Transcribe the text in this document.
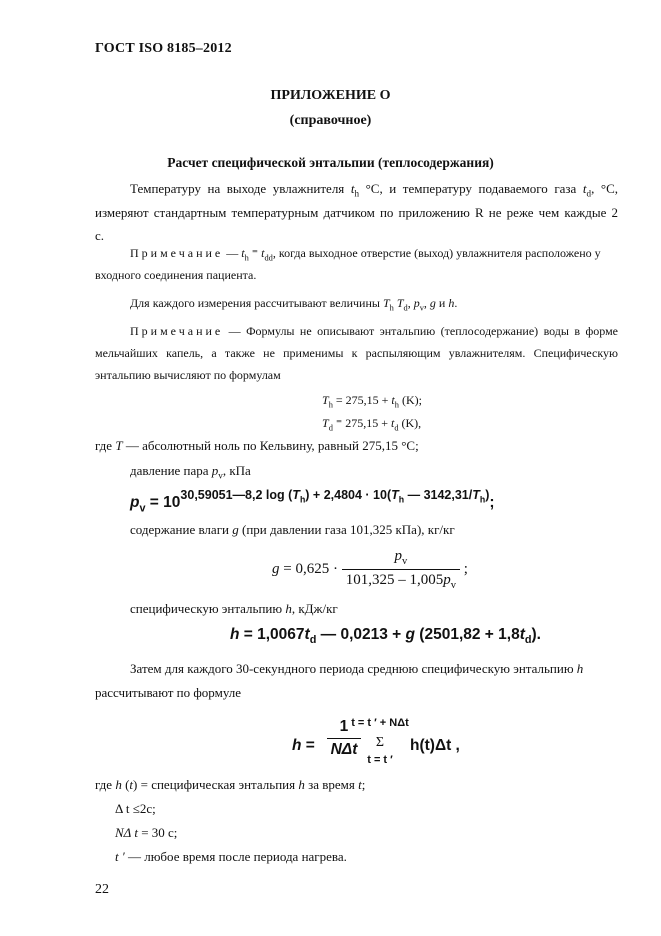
ГОСТ ISO 8185–2012
ПРИЛОЖЕНИЕ О
(справочное)
Расчет специфической энтальпии (теплосодержания)
Температуру на выходе увлажнителя $t_h$ °С, и температуру подаваемого газа $t_d$, °С,
измеряют стандартным температурным датчиком по приложению R не реже чем каждые 2
с.
Примечание — $t_h$ ⁼ $t_{dd}$, когда выходное отверстие (выход) увлажнителя расположено у
входного соединения пациента.
Для каждого измерения рассчитывают величины $T_h$ $T_d$, $p_v$, g и h.
Примечание — Формулы не описывают энтальпию (теплосодержание) воды в форме
мельчайших капель, а также не применимы к распыляющим увлажнителям. Специфическую
энтальпию вычисляют по формулам
$T_h = 275,15 + t_h$ (K);
$T_d$ ⁼ $275,15 + t_d$ (K),
где T — абсолютный ноль по Кельвину, равный 275,15 °С;
давление пара $p_v$, кПа
$p_v = 10^{30,59051—8,2 log (T_h) + 2,4804 \cdot 10(T_h — 3142,31/T_h)}$;
содержание влаги g (при давлении газа 101,325 кПа), кг/кг
$g = 0,625 \cdot \frac{p_v}{101,325 - 1,005p_v}$ ;
специфическую энтальпию h, кДж/кг
$h = 1,0067t_d$ — 0,0213 + g $(2501,82 + 1,8t_d)$.
Затем для каждого 30-секундного периода среднюю специфическую энтальпию h
рассчитывают по формуле
$h = \frac{1}{\text{NΔt}}$
t = t ′ + NΔt
Σ
t = t ′
h(t)Δt ,
где h (t) = специфическая энтальпия h за время t;
Δ t ≤2c;
NΔ t = 30 с;
t ′ — любое время после периода нагрева.
22
